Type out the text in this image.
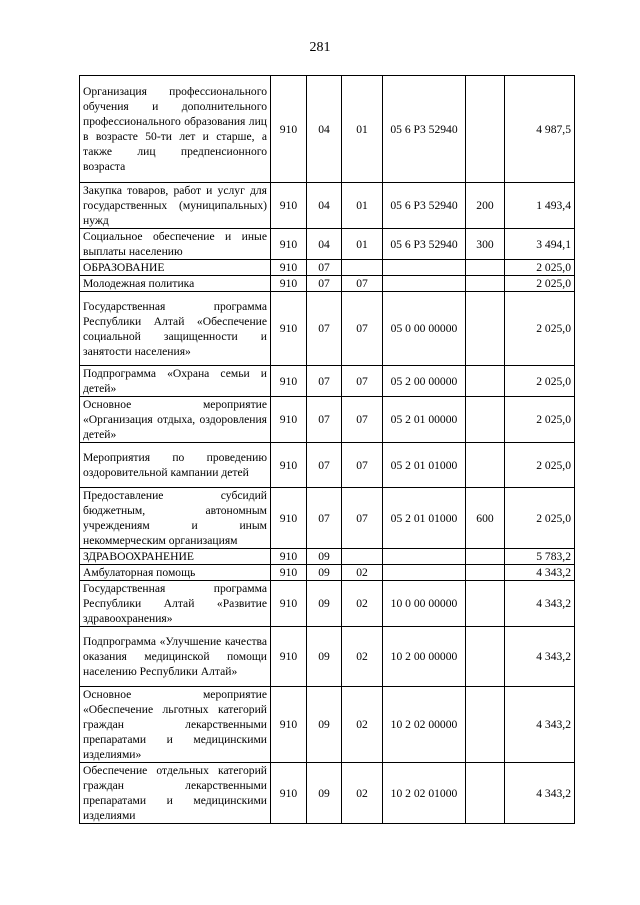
281
Организация профессионального обучения и дополнительного профессионального образования лиц в возрасте 50-ти лет и старше, а также лиц предпенсионного возраста	910	04	01	05 6 P3 52940		4 987,5
Закупка товаров, работ и услуг для государственных (муниципальных) нужд	910	04	01	05 6 P3 52940	200	1 493,4
Социальное обеспечение и иные выплаты населению	910	04	01	05 6 P3 52940	300	3 494,1
ОБРАЗОВАНИЕ	910	07				2 025,0
Молодежная политика	910	07	07			2 025,0
Государственная программа Республики Алтай «Обеспечение социальной защищенности и занятости населения»	910	07	07	05 0 00 00000		2 025,0
Подпрограмма «Охрана семьи и детей»	910	07	07	05 2 00 00000		2 025,0
Основное мероприятие «Организация отдыха, оздоровления детей»	910	07	07	05 2 01 00000		2 025,0
Мероприятия по проведению оздоровительной кампании детей	910	07	07	05 2 01 01000		2 025,0
Предоставление субсидий бюджетным, автономным учреждениям и иным некоммерческим организациям	910	07	07	05 2 01 01000	600	2 025,0
ЗДРАВООХРАНЕНИЕ	910	09				5 783,2
Амбулаторная помощь	910	09	02			4 343,2
Государственная программа Республики Алтай «Развитие здравоохранения»	910	09	02	10 0 00 00000		4 343,2
Подпрограмма «Улучшение качества оказания медицинской помощи населению Республики Алтай»	910	09	02	10 2 00 00000		4 343,2
Основное мероприятие «Обеспечение льготных категорий граждан лекарственными препаратами и медицинскими изделиями»	910	09	02	10 2 02 00000		4 343,2
Обеспечение отдельных категорий граждан лекарственными препаратами и медицинскими изделиями	910	09	02	10 2 02 01000		4 343,2
